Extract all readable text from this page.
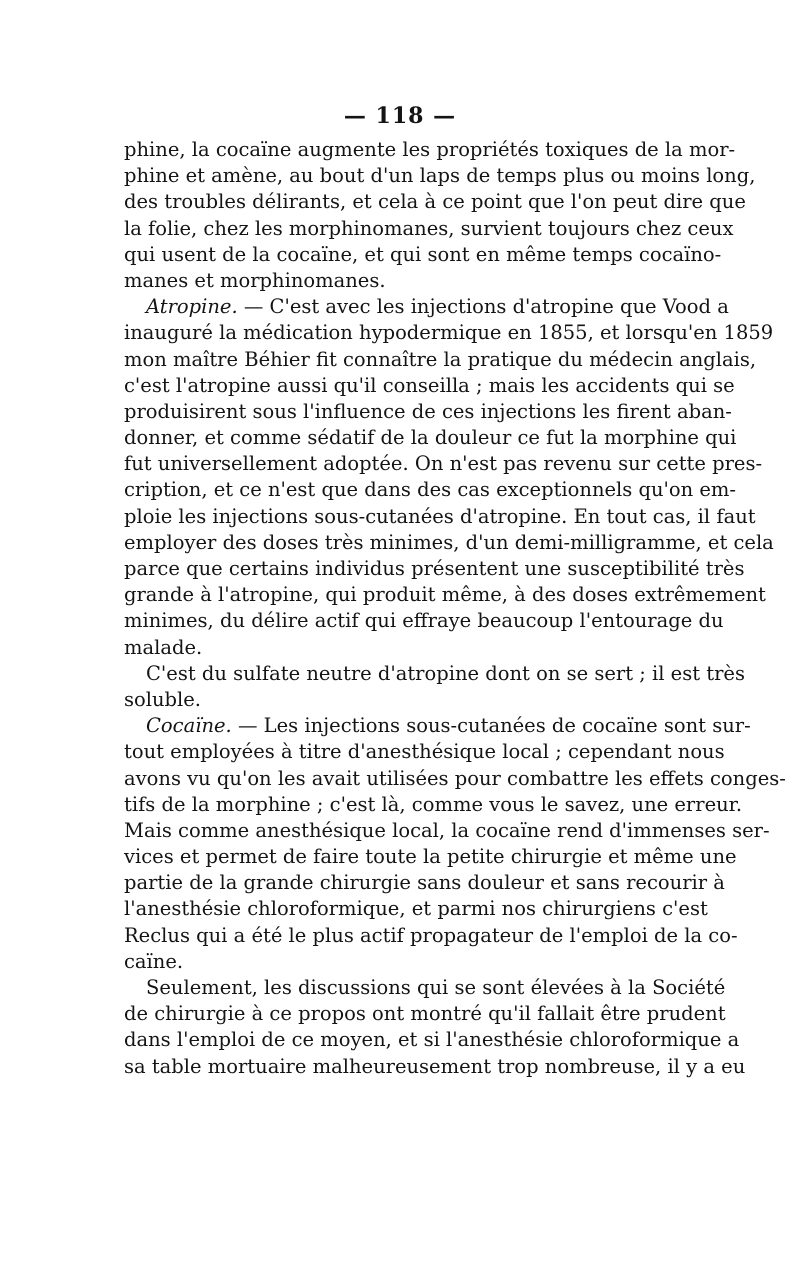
— 118 —
phine, la cocaïne augmente les propriétés toxiques de la mor-
phine et amène, au bout d'un laps de temps plus ou moins long,
des troubles délirants, et cela à ce point que l'on peut dire que
la folie, chez les morphinomanes, survient toujours chez ceux
qui usent de la cocaïne, et qui sont en même temps cocaïno-
manes et morphinomanes.
Atropine. — C'est avec les injections d'atropine que Vood a
inauguré la médication hypodermique en 1855, et lorsqu'en 1859
mon maître Béhier fit connaître la pratique du médecin anglais,
c'est l'atropine aussi qu'il conseilla ; mais les accidents qui se
produisirent sous l'influence de ces injections les firent aban-
donner, et comme sédatif de la douleur ce fut la morphine qui
fut universellement adoptée. On n'est pas revenu sur cette pres-
cription, et ce n'est que dans des cas exceptionnels qu'on em-
ploie les injections sous-cutanées d'atropine. En tout cas, il faut
employer des doses très minimes, d'un demi-milligramme, et cela
parce que certains individus présentent une susceptibilité très
grande à l'atropine, qui produit même, à des doses extrêmement
minimes, du délire actif qui effraye beaucoup l'entourage du
malade.
C'est du sulfate neutre d'atropine dont on se sert ; il est très
soluble.
Cocaïne. — Les injections sous-cutanées de cocaïne sont sur-
tout employées à titre d'anesthésique local ; cependant nous
avons vu qu'on les avait utilisées pour combattre les effets conges-
tifs de la morphine ; c'est là, comme vous le savez, une erreur.
Mais comme anesthésique local, la cocaïne rend d'immenses ser-
vices et permet de faire toute la petite chirurgie et même une
partie de la grande chirurgie sans douleur et sans recourir à
l'anesthésie chloroformique, et parmi nos chirurgiens c'est
Reclus qui a été le plus actif propagateur de l'emploi de la co-
caïne.
Seulement, les discussions qui se sont élevées à la Société
de chirurgie à ce propos ont montré qu'il fallait être prudent
dans l'emploi de ce moyen, et si l'anesthésie chloroformique a
sa table mortuaire malheureusement trop nombreuse, il y a eu
